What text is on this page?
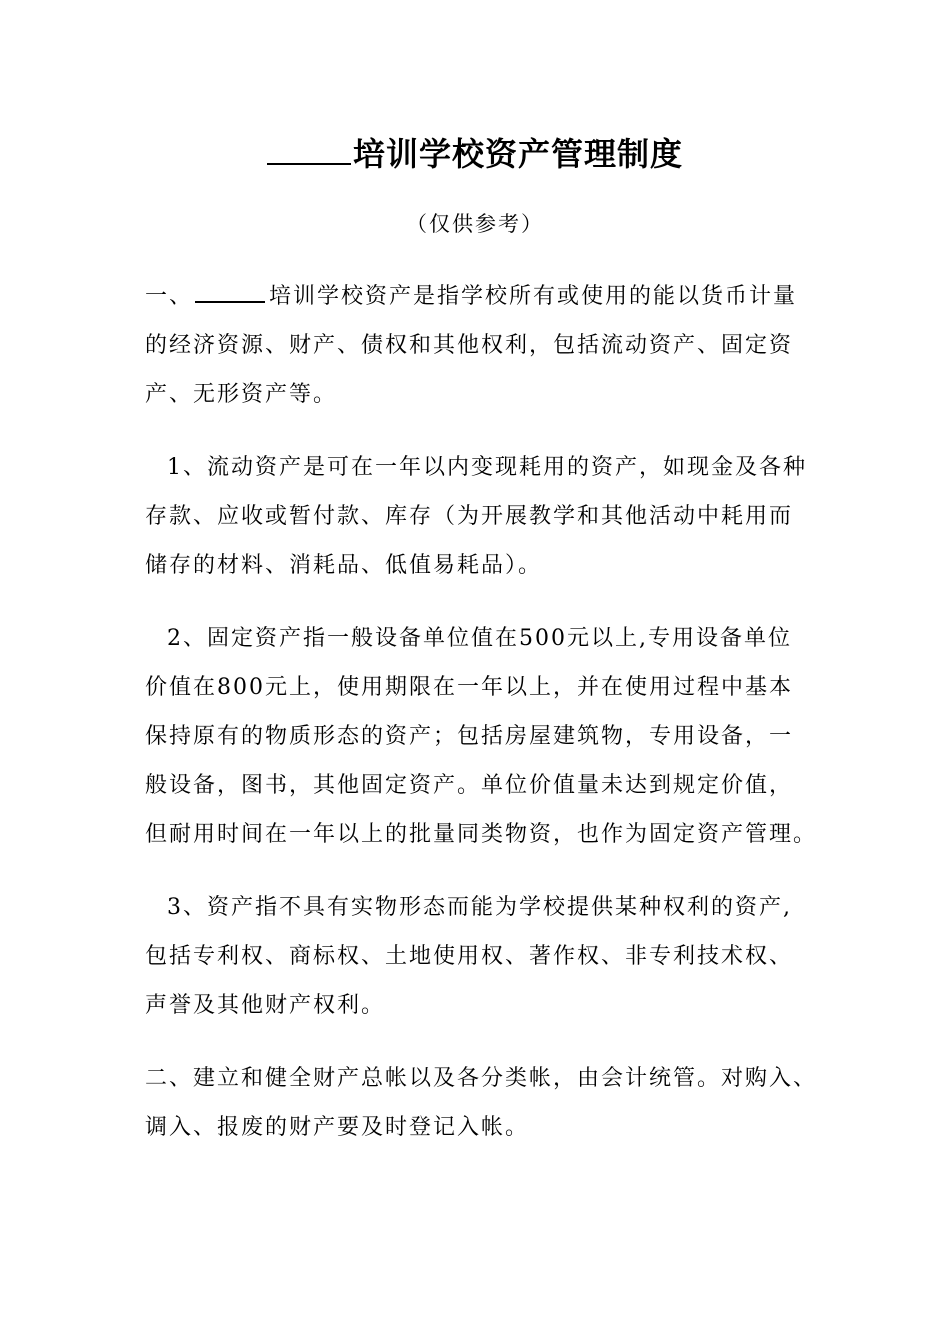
培训学校资产管理制度
（仅供参考）
一、	培训学校资产是指学校所有或使用的能以货币计量
的经济资源、财产、债权和其他权利，包括流动资产、固定资
产、无形资产等。
1、流动资产是可在一年以内变现耗用的资产，如现金及各种
存款、应收或暂付款、库存（为开展教学和其他活动中耗用而
储存的材料、消耗品、低值易耗品）。
2、固定资产指一般设备单位值在500元以上,专用设备单位
价值在800元上，使用期限在一年以上，并在使用过程中基本
保持原有的物质形态的资产；包括房屋建筑物，专用设备，一
般设备，图书，其他固定资产。单位价值量未达到规定价值，
但耐用时间在一年以上的批量同类物资，也作为固定资产管理。
3、资产指不具有实物形态而能为学校提供某种权利的资产,
包括专利权、商标权、土地使用权、著作权、非专利技术权、
声誉及其他财产权利。
二、建立和健全财产总帐以及各分类帐，由会计统管。对购入、
调入、报废的财产要及时登记入帐。
